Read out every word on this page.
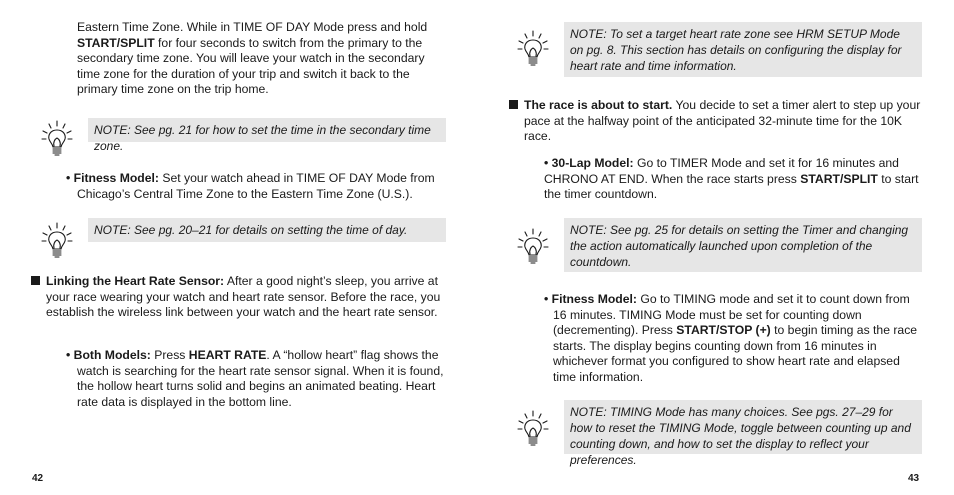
Eastern Time Zone. While in TIME OF DAY Mode press and hold START/SPLIT for four seconds to switch from the primary to the secondary time zone. You will leave your watch in the secondary time zone for the duration of your trip and switch it back to the primary time zone on the trip home.

NOTE: See pg. 21 for how to set the time in the secondary time zone.

• Fitness Model: Set your watch ahead in TIME OF DAY Mode from Chicago’s Central Time Zone to the Eastern Time Zone (U.S.).

NOTE: See pg. 20–21 for details on setting the time of day.

Linking the Heart Rate Sensor: After a good night’s sleep, you arrive at your race wearing your watch and heart rate sensor. Before the race, you establish the wireless link between your watch and the heart rate sensor.

• Both Models: Press HEART RATE. A “hollow heart” flag shows the watch is searching for the heart rate sensor signal. When it is found, the hollow heart turns solid and begins an animated beating. Heart rate data is displayed in the bottom line.

42
NOTE: To set a target heart rate zone see HRM SETUP Mode on pg. 8. This section has details on configuring the display for heart rate and time information.

The race is about to start. You decide to set a timer alert to step up your pace at the halfway point of the anticipated 32-minute time for the 10K race.

• 30-Lap Model: Go to TIMER Mode and set it for 16 minutes and CHRONO AT END. When the race starts press START/SPLIT to start the timer countdown.

NOTE: See pg. 25 for details on setting the Timer and changing the action automatically launched upon completion of the countdown.

• Fitness Model: Go to TIMING mode and set it to count down from 16 minutes. TIMING Mode must be set for counting down (decrementing). Press START/STOP (+) to begin timing as the race starts. The display begins counting down from 16 minutes in whichever format you configured to show heart rate and elapsed time information.

NOTE: TIMING Mode has many choices. See pgs. 27–29 for how to reset the TIMING Mode, toggle between counting up and counting down, and how to set the display to reflect your preferences.
43
